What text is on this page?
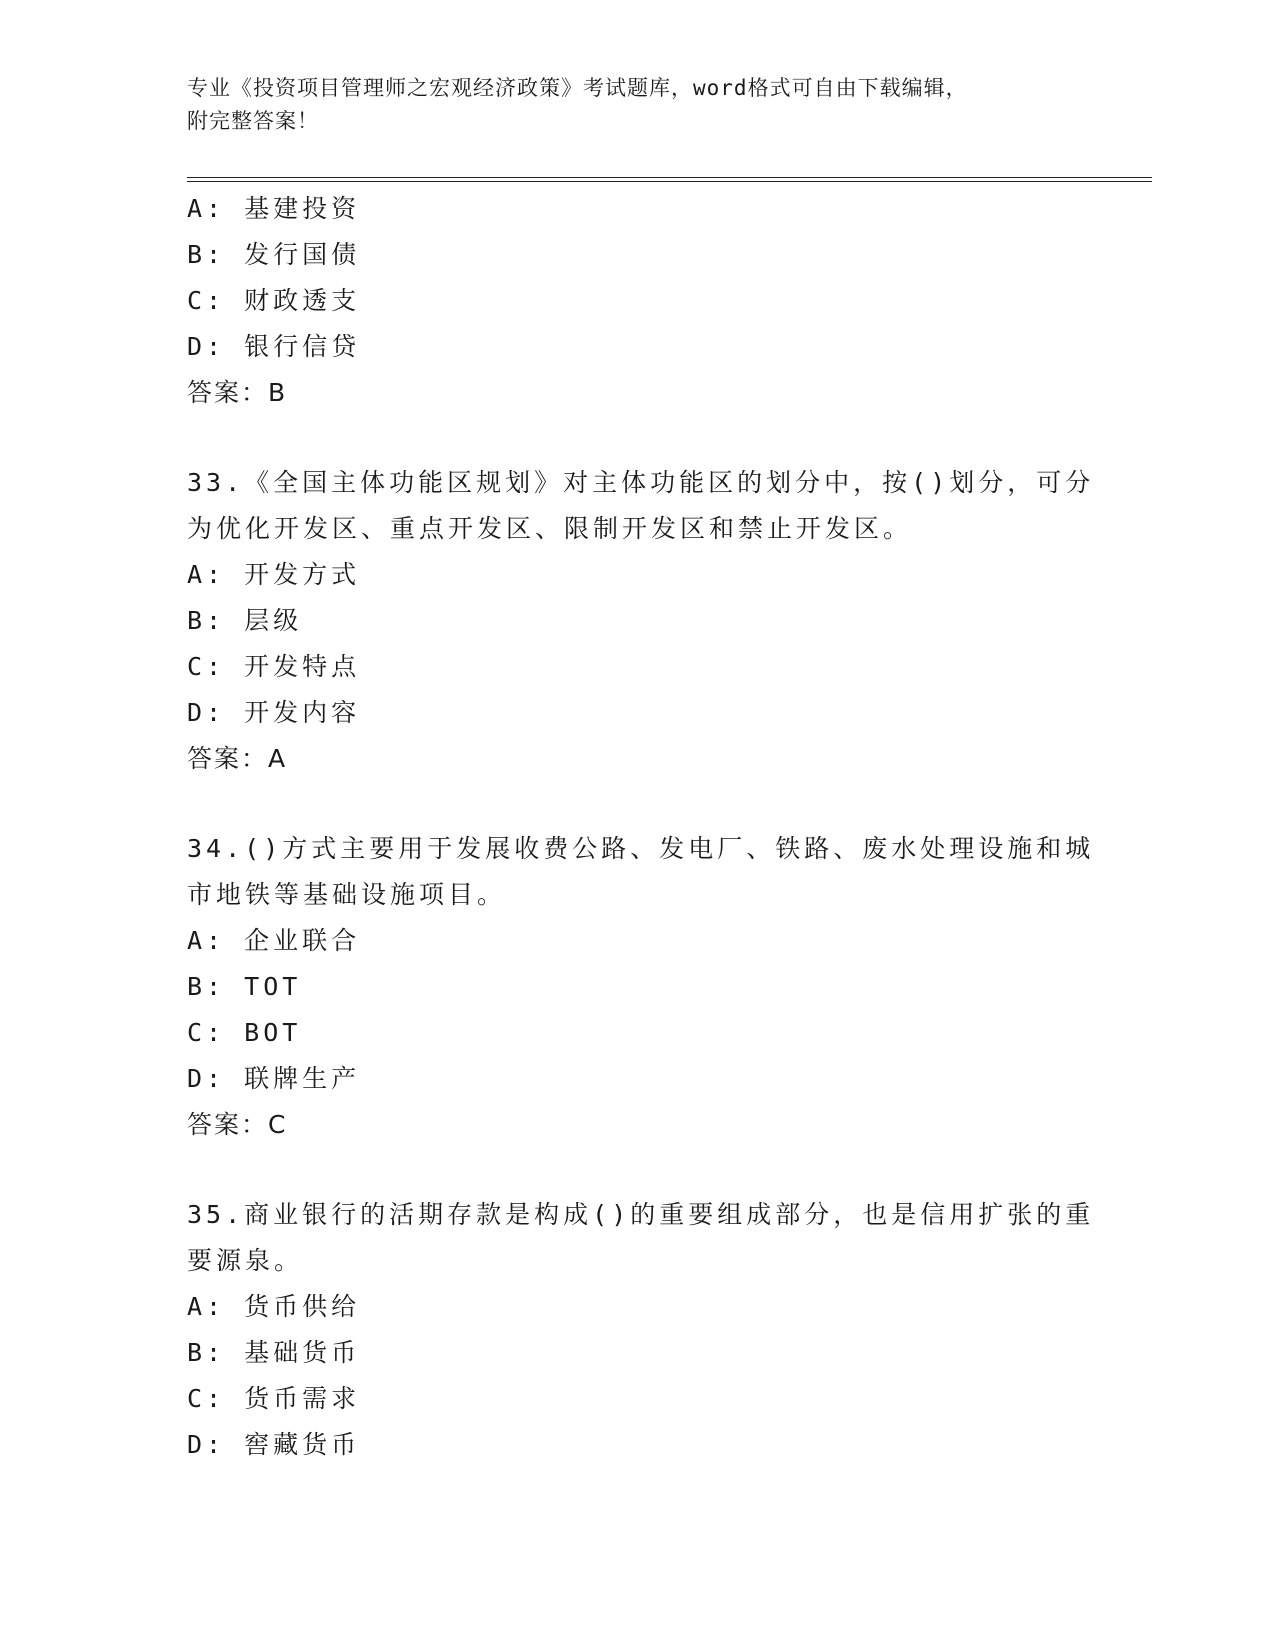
专业《投资项目管理师之宏观经济政策》考试题库，word格式可自由下载编辑，
附完整答案！
A: 基建投资
B: 发行国债
C: 财政透支
D: 银行信贷
答案：B
33.《全国主体功能区规划》对主体功能区的划分中，按()划分，可分
为优化开发区、重点开发区、限制开发区和禁止开发区。
A: 开发方式
B: 层级
C: 开发特点
D: 开发内容
答案：A
34.()方式主要用于发展收费公路、发电厂、铁路、废水处理设施和城
市地铁等基础设施项目。
A: 企业联合
B: TOT
C: BOT
D: 联牌生产
答案：C
35.商业银行的活期存款是构成()的重要组成部分，也是信用扩张的重
要源泉。
A: 货币供给
B: 基础货币
C: 货币需求
D: 窖藏货币
